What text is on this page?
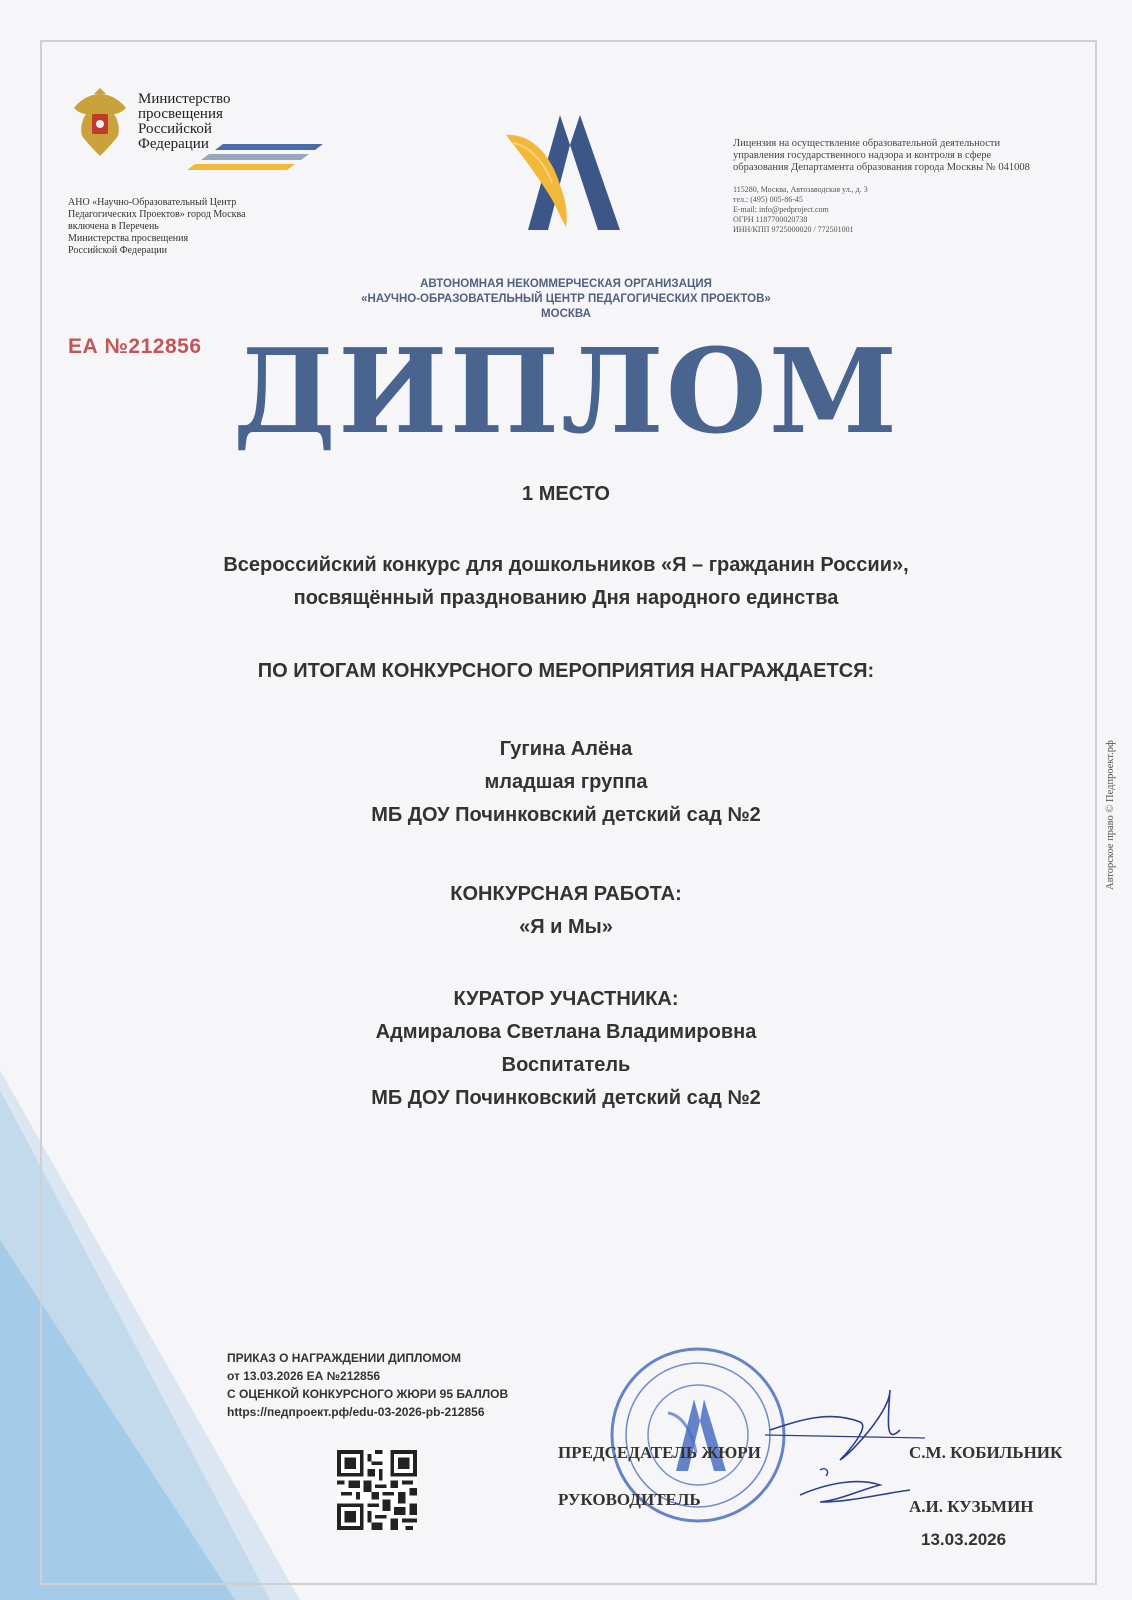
Министерство
просвещения
Российской
Федерации
АНО «Научно-Образовательный Центр
Педагогических Проектов» город Москва
включена в Перечень
Министерства просвещения
Российской Федерации
Лицензия на осуществление образовательной деятельности
управления государственного надзора и контроля в сфере
образования Департамента образования города Москвы № 041008
115280, Москва, Автозаводская ул., д. 3
тел.: (495) 005-86-45
E-mail: info@pedproject.com
ОГРН 1187700020738
ИНН/КПП 9725000020 / 772501001
АВТОНОМНАЯ НЕКОММЕРЧЕСКАЯ ОРГАНИЗАЦИЯ
«НАУЧНО-ОБРАЗОВАТЕЛЬНЫЙ ЦЕНТР ПЕДАГОГИЧЕСКИХ ПРОЕКТОВ»
МОСКВА
ЕА №212856 ДИПЛОМ
1 МЕСТО
Всероссийский конкурс для дошкольников «Я – гражданин России»,
посвящённый празднованию Дня народного единства
ПО ИТОГАМ КОНКУРСНОГО МЕРОПРИЯТИЯ НАГРАЖДАЕТСЯ:
Гугина Алёна
младшая группа
МБ ДОУ Починковский детский сад №2
КОНКУРСНАЯ РАБОТА:
«Я и Мы»
КУРАТОР УЧАСТНИКА:
Адмиралова Светлана Владимировна
Воспитатель
МБ ДОУ Починковский детский сад №2
ПРИКАЗ О НАГРАЖДЕНИИ ДИПЛОМОМ
от 13.03.2026 ЕА №212856
С ОЦЕНКОЙ КОНКУРСНОГО ЖЮРИ 95 БАЛЛОВ
https://педпроект.рф/edu-03-2026-pb-212856
ПРЕДСЕДАТЕЛЬ ЖЮРИ	С.М. КОБИЛЬНИК
РУКОВОДИТЕЛЬ	А.И. КУЗЬМИН
13.03.2026
Авторское право © Педпроект.рф
